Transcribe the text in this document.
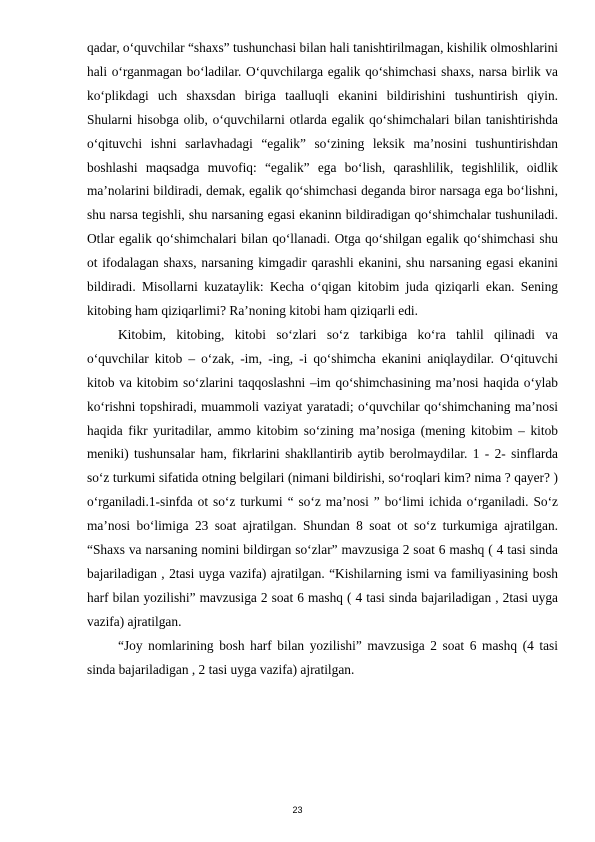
qadar, o‘quvchilar “shaxs” tushunchasi bilan hali tanishtirilmagan, kishilik olmoshlarini hali o‘rganmagan bo‘ladilar. O‘quvchilarga egalik qo‘shimchasi shaxs, narsa birlik va ko‘plikdagi uch shaxsdan biriga taalluqli ekanini bildirishini tushuntirish qiyin. Shularni hisobga olib, o‘quvchilarni otlarda egalik qo‘shimchalari bilan tanishtirishda o‘qituvchi ishni sarlavhadagi “egalik” so‘zining leksik ma’nosini tushuntirishdan boshlashi maqsadga muvofiq: “egalik” ega bo‘lish, qarashlilik, tegishlilik, oidlik ma’nolarini bildiradi, demak, egalik qo‘shimchasi deganda biror narsaga ega bo‘lishni, shu narsa tegishli, shu narsaning egasi ekaninn bildiradigan qo‘shimchalar tushuniladi. Otlar egalik qo‘shimchalari bilan qo‘llanadi. Otga qo‘shilgan egalik qo‘shimchasi shu ot ifodalagan shaxs, narsaning kimgadir qarashli ekanini, shu narsaning egasi ekanini bildiradi. Misollarni kuzataylik: Kecha o‘qigan kitobim juda qiziqarli ekan. Sening kitobing ham qiziqarlimi? Ra’noning kitobi ham qiziqarli edi.

Kitobim, kitobing, kitobi so‘zlari so‘z tarkibiga ko‘ra tahlil qilinadi va o‘quvchilar kitob – o‘zak, -im, -ing, -i qo‘shimcha ekanini aniqlaydilar. O‘qituvchi kitob va kitobim so‘zlarini taqqoslashni –im qo‘shimchasining ma’nosi haqida o‘ylab ko‘rishni topshiradi, muammoli vaziyat yaratadi; o‘quvchilar qo‘shimchaning ma’nosi haqida fikr yuritadilar, ammo kitobim so‘zining ma’nosiga (mening kitobim – kitob meniki) tushunsalar ham, fikrlarini shakllantirib aytib berolmaydilar. 1 - 2- sinflarda so‘z turkumi sifatida otning belgilari (nimani bildirishi, so‘roqlari kim? nima ? qayer? ) o‘rganiladi.1-sinfda ot so‘z turkumi “ so‘z ma’nosi ” bo‘limi ichida o‘rganiladi. So‘z ma’nosi bo‘limiga 23 soat ajratilgan. Shundan 8 soat ot so‘z turkumiga ajratilgan. “Shaxs va narsaning nomini bildirgan so‘zlar” mavzusiga 2 soat 6 mashq ( 4 tasi sinda bajariladigan , 2tasi uyga vazifa) ajratilgan. “Kishilarning ismi va familiyasining bosh harf bilan yozilishi” mavzusiga 2 soat 6 mashq ( 4 tasi sinda bajariladigan , 2tasi uyga vazifa) ajratilgan.

“Joy nomlarining bosh harf bilan yozilishi” mavzusiga 2 soat 6 mashq (4 tasi sinda bajariladigan , 2 tasi uyga vazifa) ajratilgan.

23
